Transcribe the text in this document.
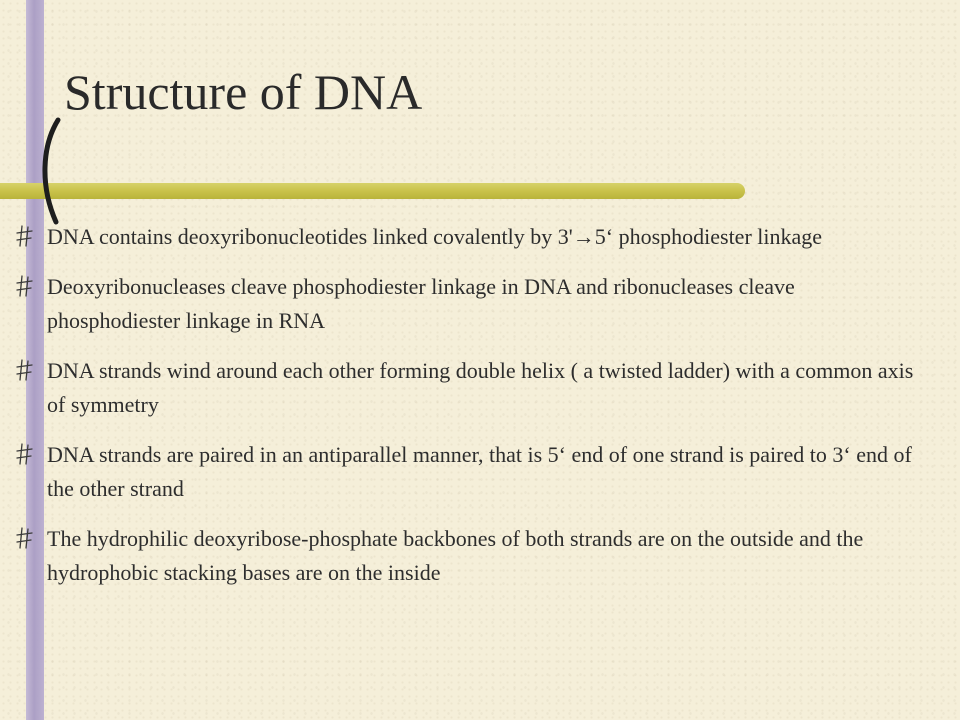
Structure of DNA
DNA contains deoxyribonucleotides linked covalently by 3'→5‘ phosphodiester linkage
Deoxyribonucleases cleave phosphodiester linkage in DNA and ribonucleases cleave phosphodiester linkage in RNA
DNA strands wind around each other forming double helix ( a twisted ladder) with a common axis of symmetry
DNA strands are paired in an antiparallel manner, that is 5‘ end of one strand is paired to 3‘ end of the other strand
The hydrophilic deoxyribose-phosphate backbones of both strands are on the outside and the hydrophobic stacking bases are on the inside
